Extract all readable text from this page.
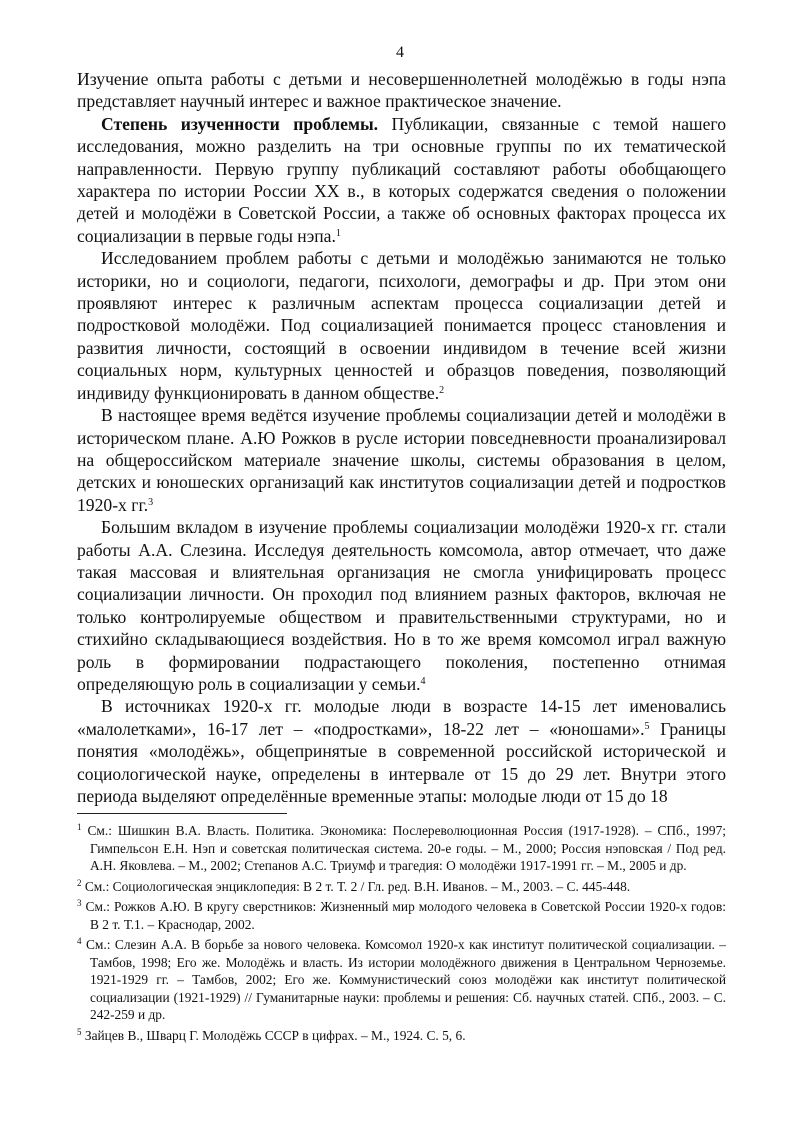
4

Изучение опыта работы с детьми и несовершеннолетней молодёжью в годы нэпа представляет научный интерес и важное практическое значение.

Степень изученности проблемы. Публикации, связанные с темой нашего исследования, можно разделить на три основные группы по их тематической направленности. Первую группу публикаций составляют работы обобщающего характера по истории России XX в., в которых содержатся сведения о положении детей и молодёжи в Советской России, а также об основных факторах процесса их социализации в первые годы нэпа.$^1$

Исследованием проблем работы с детьми и молодёжью занимаются не только историки, но и социологи, педагоги, психологи, демографы и др. При этом они проявляют интерес к различным аспектам процесса социализации детей и подростковой молодёжи. Под социализацией понимается процесс становления и развития личности, состоящий в освоении индивидом в течение всей жизни социальных норм, культурных ценностей и образцов поведения, позволяющий индивиду функционировать в данном обществе.$^2$

В настоящее время ведётся изучение проблемы социализации детей и молодёжи в историческом плане. А.Ю Рожков в русле истории повседневности проанализировал на общероссийском материале значение школы, системы образования в целом, детских и юношеских организаций как институтов социализации детей и подростков 1920-х гг.$^3$

Большим вкладом в изучение проблемы социализации молодёжи 1920-х гг. стали работы А.А. Слезина. Исследуя деятельность комсомола, автор отмечает, что даже такая массовая и влиятельная организация не смогла унифицировать процесс социализации личности. Он проходил под влиянием разных факторов, включая не только контролируемые обществом и правительственными структурами, но и стихийно складывающиеся воздействия. Но в то же время комсомол играл важную роль в формировании подрастающего поколения, постепенно отнимая определяющую роль в социализации у семьи.$^4$

В источниках 1920-х гг. молодые люди в возрасте 14-15 лет именовались «малолетками», 16-17 лет – «подростками», 18-22 лет – «юношами».$^5$ Границы понятия «молодёжь», общепринятые в современной российской исторической и социологической науке, определены в интервале от 15 до 29 лет. Внутри этого периода выделяют определённые временные этапы: молодые люди от 15 до 18

$^1$ См.: Шишкин В.А. Власть. Политика. Экономика: Послереволюционная Россия (1917-1928). – СПб., 1997; Гимпельсон Е.Н. Нэп и советская политическая система. 20-е годы. – М., 2000; Россия нэповская / Под ред. А.Н. Яковлева. – М., 2002; Степанов А.С. Триумф и трагедия: О молодёжи 1917-1991 гг. – М., 2005 и др.

$^2$ См.: Социологическая энциклопедия: В 2 т. Т. 2 / Гл. ред. В.Н. Иванов. – М., 2003. – С. 445-448.

$^3$ См.: Рожков А.Ю. В кругу сверстников: Жизненный мир молодого человека в Советской России 1920-х годов: В 2 т. Т.1. – Краснодар, 2002.

$^4$ См.: Слезин А.А. В борьбе за нового человека. Комсомол 1920-х как институт политической социализации. – Тамбов, 1998; Его же. Молодёжь и власть. Из истории молодёжного движения в Центральном Черноземье. 1921-1929 гг. – Тамбов, 2002; Его же. Коммунистический союз молодёжи как институт политической социализации (1921-1929) // Гуманитарные науки: проблемы и решения: Сб. научных статей. СПб., 2003. – С. 242-259 и др.

$^5$ Зайцев В., Шварц Г. Молодёжь СССР в цифрах. – М., 1924. С. 5, 6.
